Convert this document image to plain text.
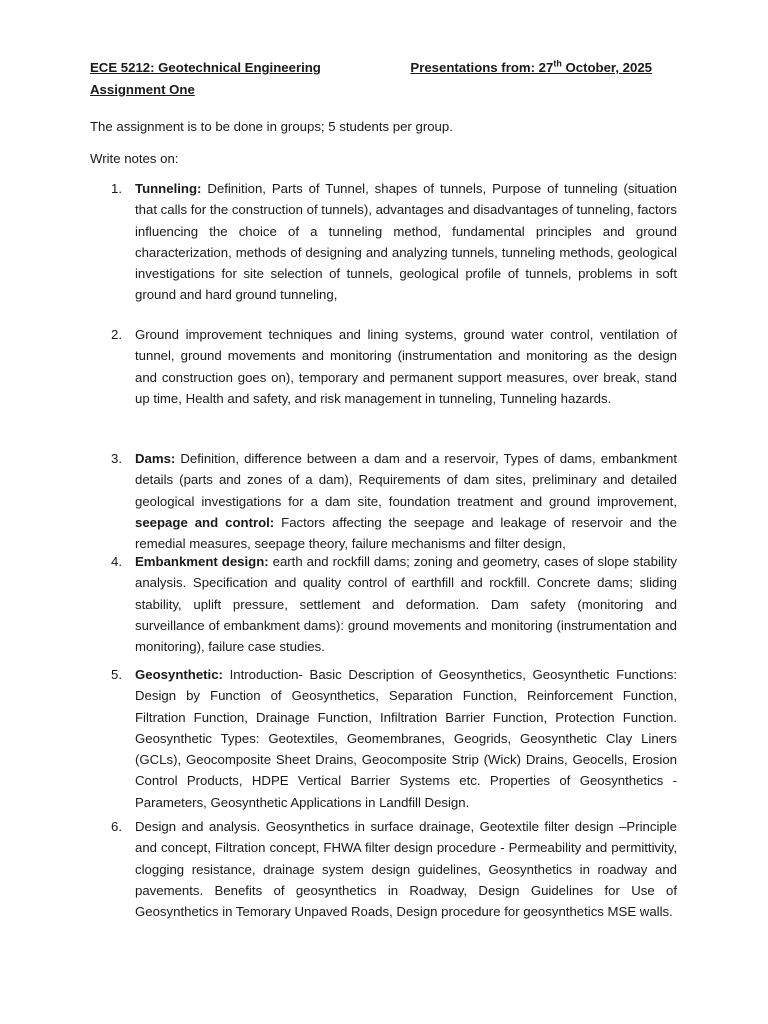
ECE 5212: Geotechnical Engineering	Presentations from: 27th October, 2025
Assignment One
The assignment is to be done in groups; 5 students per group.
Write notes on:
1. Tunneling: Definition, Parts of Tunnel, shapes of tunnels, Purpose of tunneling (situation that calls for the construction of tunnels), advantages and disadvantages of tunneling, factors influencing the choice of a tunneling method, fundamental principles and ground characterization, methods of designing and analyzing tunnels, tunneling methods, geological investigations for site selection of tunnels, geological profile of tunnels, problems in soft ground and hard ground tunneling,
2. Ground improvement techniques and lining systems, ground water control, ventilation of tunnel, ground movements and monitoring (instrumentation and monitoring as the design and construction goes on), temporary and permanent support measures, over break, stand up time, Health and safety, and risk management in tunneling, Tunneling hazards.
3. Dams: Definition, difference between a dam and a reservoir, Types of dams, embankment details (parts and zones of a dam), Requirements of dam sites, preliminary and detailed geological investigations for a dam site, foundation treatment and ground improvement, seepage and control: Factors affecting the seepage and leakage of reservoir and the remedial measures, seepage theory, failure mechanisms and filter design,
4. Embankment design: earth and rockfill dams; zoning and geometry, cases of slope stability analysis. Specification and quality control of earthfill and rockfill. Concrete dams; sliding stability, uplift pressure, settlement and deformation. Dam safety (monitoring and surveillance of embankment dams): ground movements and monitoring (instrumentation and monitoring), failure case studies.
5. Geosynthetic: Introduction- Basic Description of Geosynthetics, Geosynthetic Functions: Design by Function of Geosynthetics, Separation Function, Reinforcement Function, Filtration Function, Drainage Function, Infiltration Barrier Function, Protection Function. Geosynthetic Types: Geotextiles, Geomembranes, Geogrids, Geosynthetic Clay Liners (GCLs), Geocomposite Sheet Drains, Geocomposite Strip (Wick) Drains, Geocells, Erosion Control Products, HDPE Vertical Barrier Systems etc. Properties of Geosynthetics - Parameters, Geosynthetic Applications in Landfill Design.
6. Design and analysis. Geosynthetics in surface drainage, Geotextile filter design –Principle and concept, Filtration concept, FHWA filter design procedure - Permeability and permittivity, clogging resistance, drainage system design guidelines, Geosynthetics in roadway and pavements. Benefits of geosynthetics in Roadway, Design Guidelines for Use of Geosynthetics in Temorary Unpaved Roads, Design procedure for geosynthetics MSE walls.
